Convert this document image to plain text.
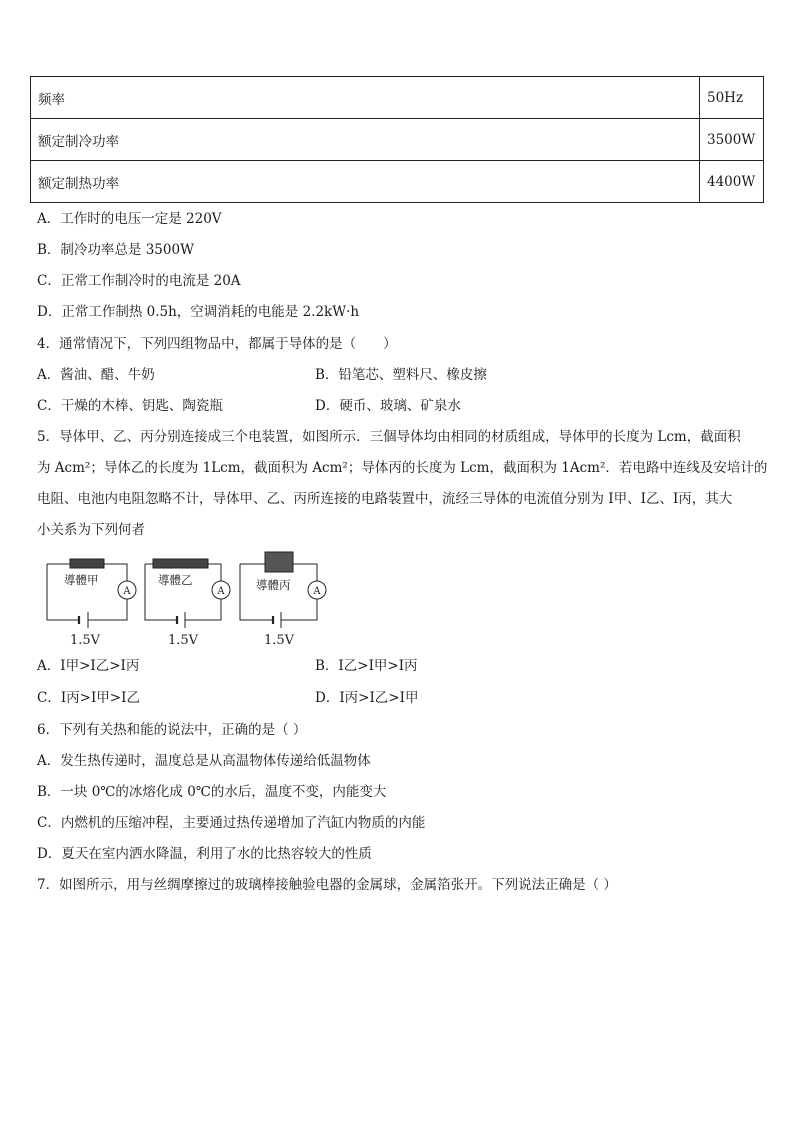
频率	50Hz
额定制冷功率	3500W
额定制热功率	4400W
A．工作时的电压一定是 220V
B．制冷功率总是 3500W
C．正常工作制冷时的电流是 20A
D．正常工作制热 0.5h，空调消耗的电能是 2.2kW·h
4．通常情况下，下列四组物品中，都属于导体的是（　　）
A．酱油、醋、牛奶	B．铅笔芯、塑料尺、橡皮擦
C．干燥的木棒、钥匙、陶瓷瓶	D．硬币、玻璃、矿泉水
5．导体甲、乙、丙分别连接成三个电装置，如图所示．三個导体均由相同的材质组成，导体甲的长度为 Lcm，截面积
为 Acm²；导体乙的长度为 1Lcm，截面积为 Acm²；导体丙的长度为 Lcm，截面积为 1Acm²．若电路中连线及安培计的
电阻、电池内电阻忽略不计，导体甲、乙、丙所连接的电路装置中，流经三导体的电流值分别为 I甲、I乙、I丙，其大
小关系为下列何者
導體甲	導體乙	導體丙
A	A	A
1.5V	1.5V	1.5V
A．I甲>I乙>I丙	B．I乙>I甲>I丙
C．I丙>I甲>I乙	D．I丙>I乙>I甲
6．下列有关热和能的说法中，正确的是（ ）
A．发生热传递时，温度总是从高温物体传递给低温物体
B．一块 0℃的冰熔化成 0℃的水后，温度不变，内能变大
C．内燃机的压缩冲程，主要通过热传递增加了汽缸内物质的内能
D．夏天在室内洒水降温，利用了水的比热容较大的性质
7．如图所示，用与丝绸摩擦过的玻璃棒接触验电器的金属球，金属箔张开。下列说法正确是（ ）
